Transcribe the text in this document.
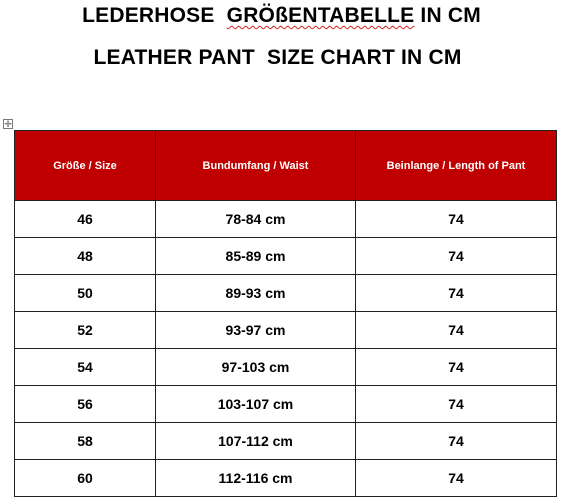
LEDERHOSE  GRÖßENTABELLE IN CM
LEATHER PANT  SIZE CHART IN CM
✛
Größe / Size	Bundumfang / Waist	Beinlange / Length of Pant
46	78-84 cm	74
48	85-89 cm	74
50	89-93 cm	74
52	93-97 cm	74
54	97-103 cm	74
56	103-107 cm	74
58	107-112 cm	74
60	112-116 cm	74
